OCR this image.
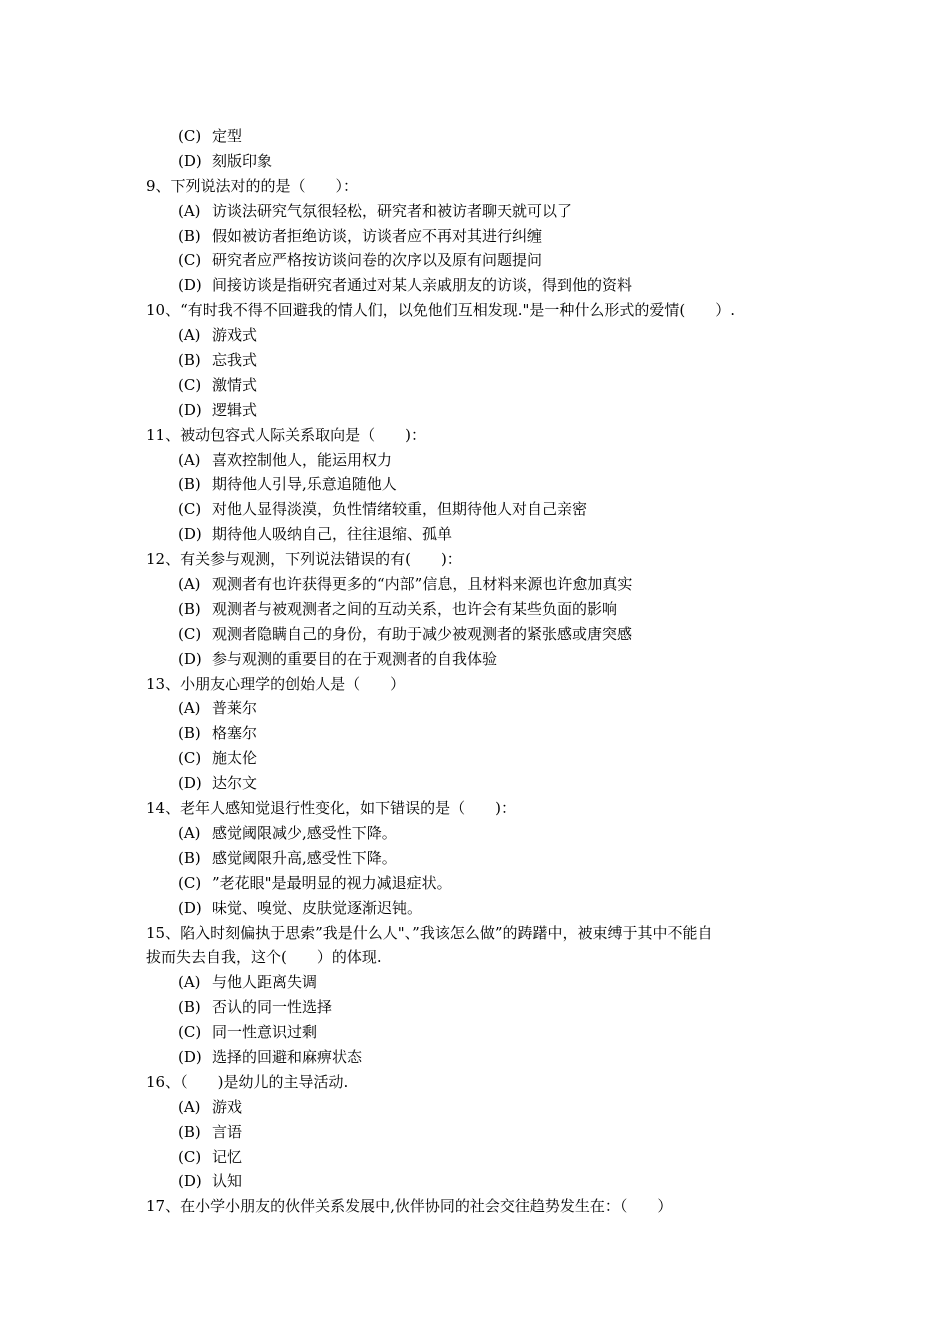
(C) 定型
(D) 刻版印象
9、下列说法对的的是（　　）：
(A) 访谈法研究气氛很轻松，研究者和被访者聊天就可以了
(B) 假如被访者拒绝访谈，访谈者应不再对其进行纠缠
(C) 研究者应严格按访谈问卷的次序以及原有问题提问
(D) 间接访谈是指研究者通过对某人亲戚朋友的访谈，得到他的资料
10、“有时我不得不回避我的情人们，以免他们互相发现."是一种什么形式的爱情(　　）.
(A) 游戏式
(B) 忘我式
(C) 激情式
(D) 逻辑式
11、被动包容式人际关系取向是（　　)：
(A) 喜欢控制他人，能运用权力
(B) 期待他人引导,乐意追随他人
(C) 对他人显得淡漠，负性情绪较重，但期待他人对自己亲密
(D) 期待他人吸纳自己，往往退缩、孤单
12、有关参与观测，下列说法错误的有(　　)：
(A) 观测者有也许获得更多的“内部”信息，且材料来源也许愈加真实
(B) 观测者与被观测者之间的互动关系，也许会有某些负面的影响
(C) 观测者隐瞒自己的身份，有助于减少被观测者的紧张感或唐突感
(D) 参与观测的重要目的在于观测者的自我体验
13、小朋友心理学的创始人是（　　）
(A) 普莱尔
(B) 格塞尔
(C) 施太伦
(D) 达尔文
14、老年人感知觉退行性变化，如下错误的是（　　)：
(A) 感觉阈限减少,感受性下降。
(B) 感觉阈限升高,感受性下降。
(C) ”老花眼"是最明显的视力减退症状。
(D) 味觉、嗅觉、皮肤觉逐渐迟钝。
15、陷入时刻偏执于思索”我是什么人"、”我该怎么做”的踌躇中，被束缚于其中不能自
拔而失去自我，这个(　　）的体现.
(A) 与他人距离失调
(B) 否认的同一性选择
(C) 同一性意识过剩
(D) 选择的回避和麻痹状态
16、（　　)是幼儿的主导活动.
(A) 游戏
(B) 言语
(C) 记忆
(D) 认知
17、在小学小朋友的伙伴关系发展中,伙伴协同的社会交往趋势发生在：（　　）
